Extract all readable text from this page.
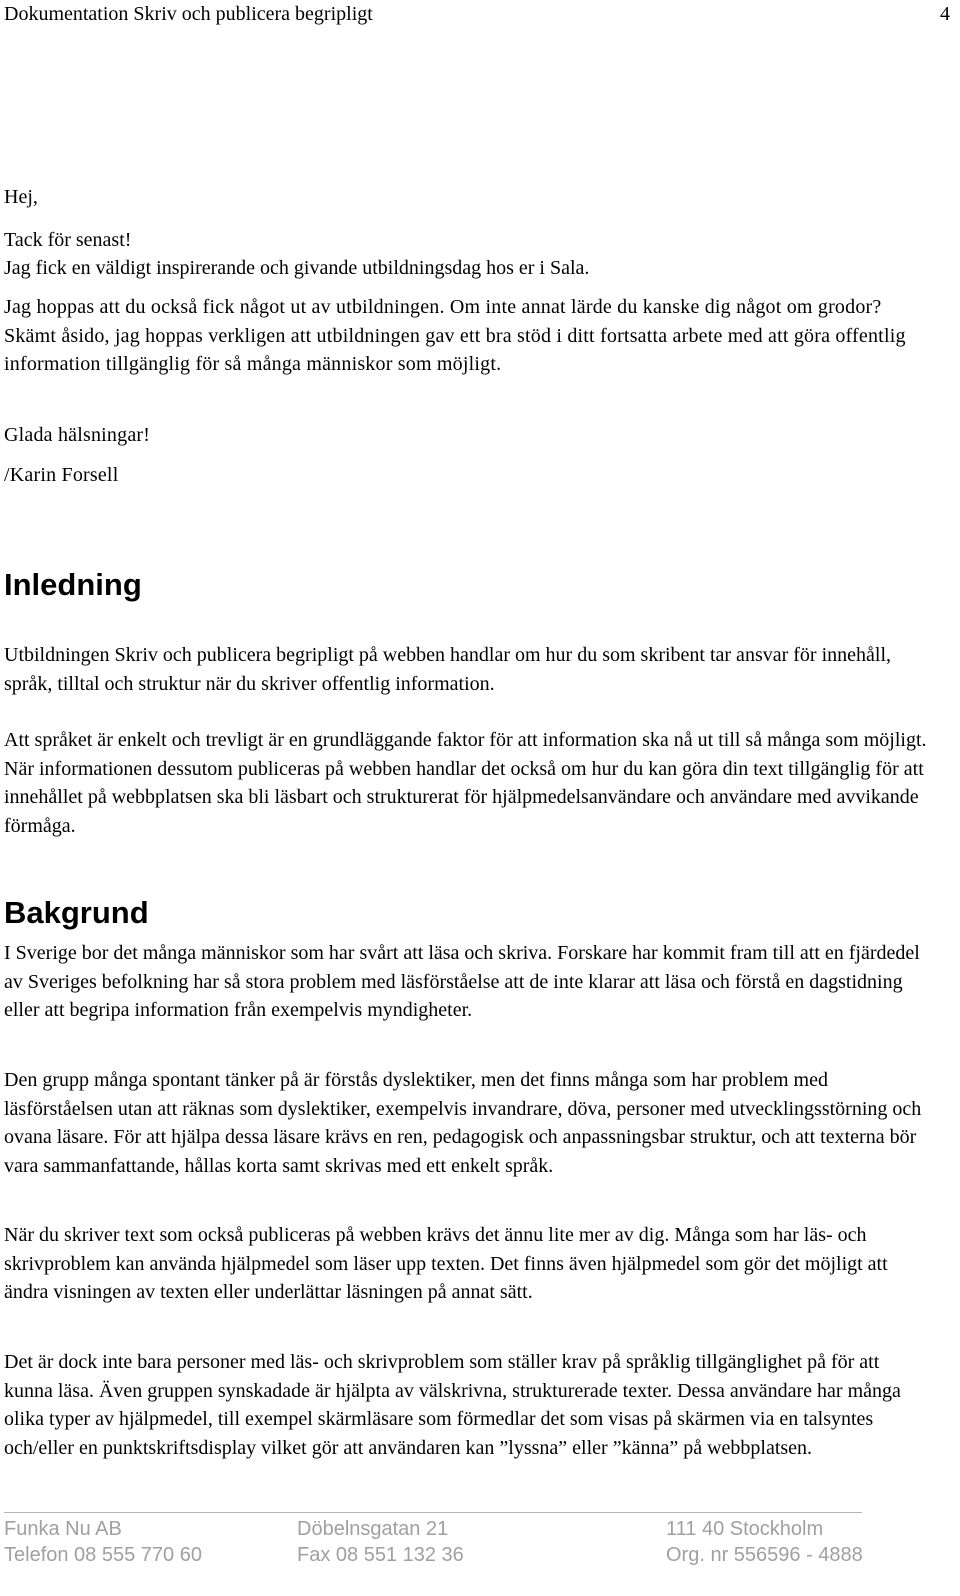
Dokumentation Skriv och publicera begripligt	4

Hej,

Tack för senast!

Jag fick en väldigt inspirerande och givande utbildningsdag hos er i Sala.

Jag hoppas att du också fick något ut av utbildningen. Om inte annat lärde du kanske dig något om grodor? Skämt åsido, jag hoppas verkligen att utbildningen gav ett bra stöd i ditt fortsatta arbete med att göra offentlig information tillgänglig för så många människor som möjligt.

Glada hälsningar!

/Karin Forsell

Inledning

Utbildningen Skriv och publicera begripligt på webben handlar om hur du som skribent tar ansvar för innehåll, språk, tilltal och struktur när du skriver offentlig information.

Att språket är enkelt och trevligt är en grundläggande faktor för att information ska nå ut till så många som möjligt. När informationen dessutom publiceras på webben handlar det också om hur du kan göra din text tillgänglig för att innehållet på webbplatsen ska bli läsbart och strukturerat för hjälpmedelsanvändare och användare med avvikande förmåga.

Bakgrund

I Sverige bor det många människor som har svårt att läsa och skriva. Forskare har kommit fram till att en fjärdedel av Sveriges befolkning har så stora problem med läsförståelse att de inte klarar att läsa och förstå en dagstidning eller att begripa information från exempelvis myndigheter.

Den grupp många spontant tänker på är förstås dyslektiker, men det finns många som har problem med läsförståelsen utan att räknas som dyslektiker, exempelvis invandrare, döva, personer med utvecklingsstörning och ovana läsare. För att hjälpa dessa läsare krävs en ren, pedagogisk och anpassningsbar struktur, och att texterna bör vara sammanfattande, hållas korta samt skrivas med ett enkelt språk.

När du skriver text som också publiceras på webben krävs det ännu lite mer av dig. Många som har läs- och skrivproblem kan använda hjälpmedel som läser upp texten. Det finns även hjälpmedel som gör det möjligt att ändra visningen av texten eller underlättar läsningen på annat sätt.

Det är dock inte bara personer med läs- och skrivproblem som ställer krav på språklig tillgänglighet på för att kunna läsa. Även gruppen synskadade är hjälpta av välskrivna, strukturerade texter. Dessa användare har många olika typer av hjälpmedel, till exempel skärmläsare som förmedlar det som visas på skärmen via en talsyntes och/eller en punktskriftsdisplay vilket gör att användaren kan ”lyssna” eller ”känna” på webbplatsen.

Funka Nu AB
Telefon 08 555 770 60
Döbelnsgatan 21
Fax 08 551 132 36
111 40 Stockholm
Org. nr 556596 - 4888
